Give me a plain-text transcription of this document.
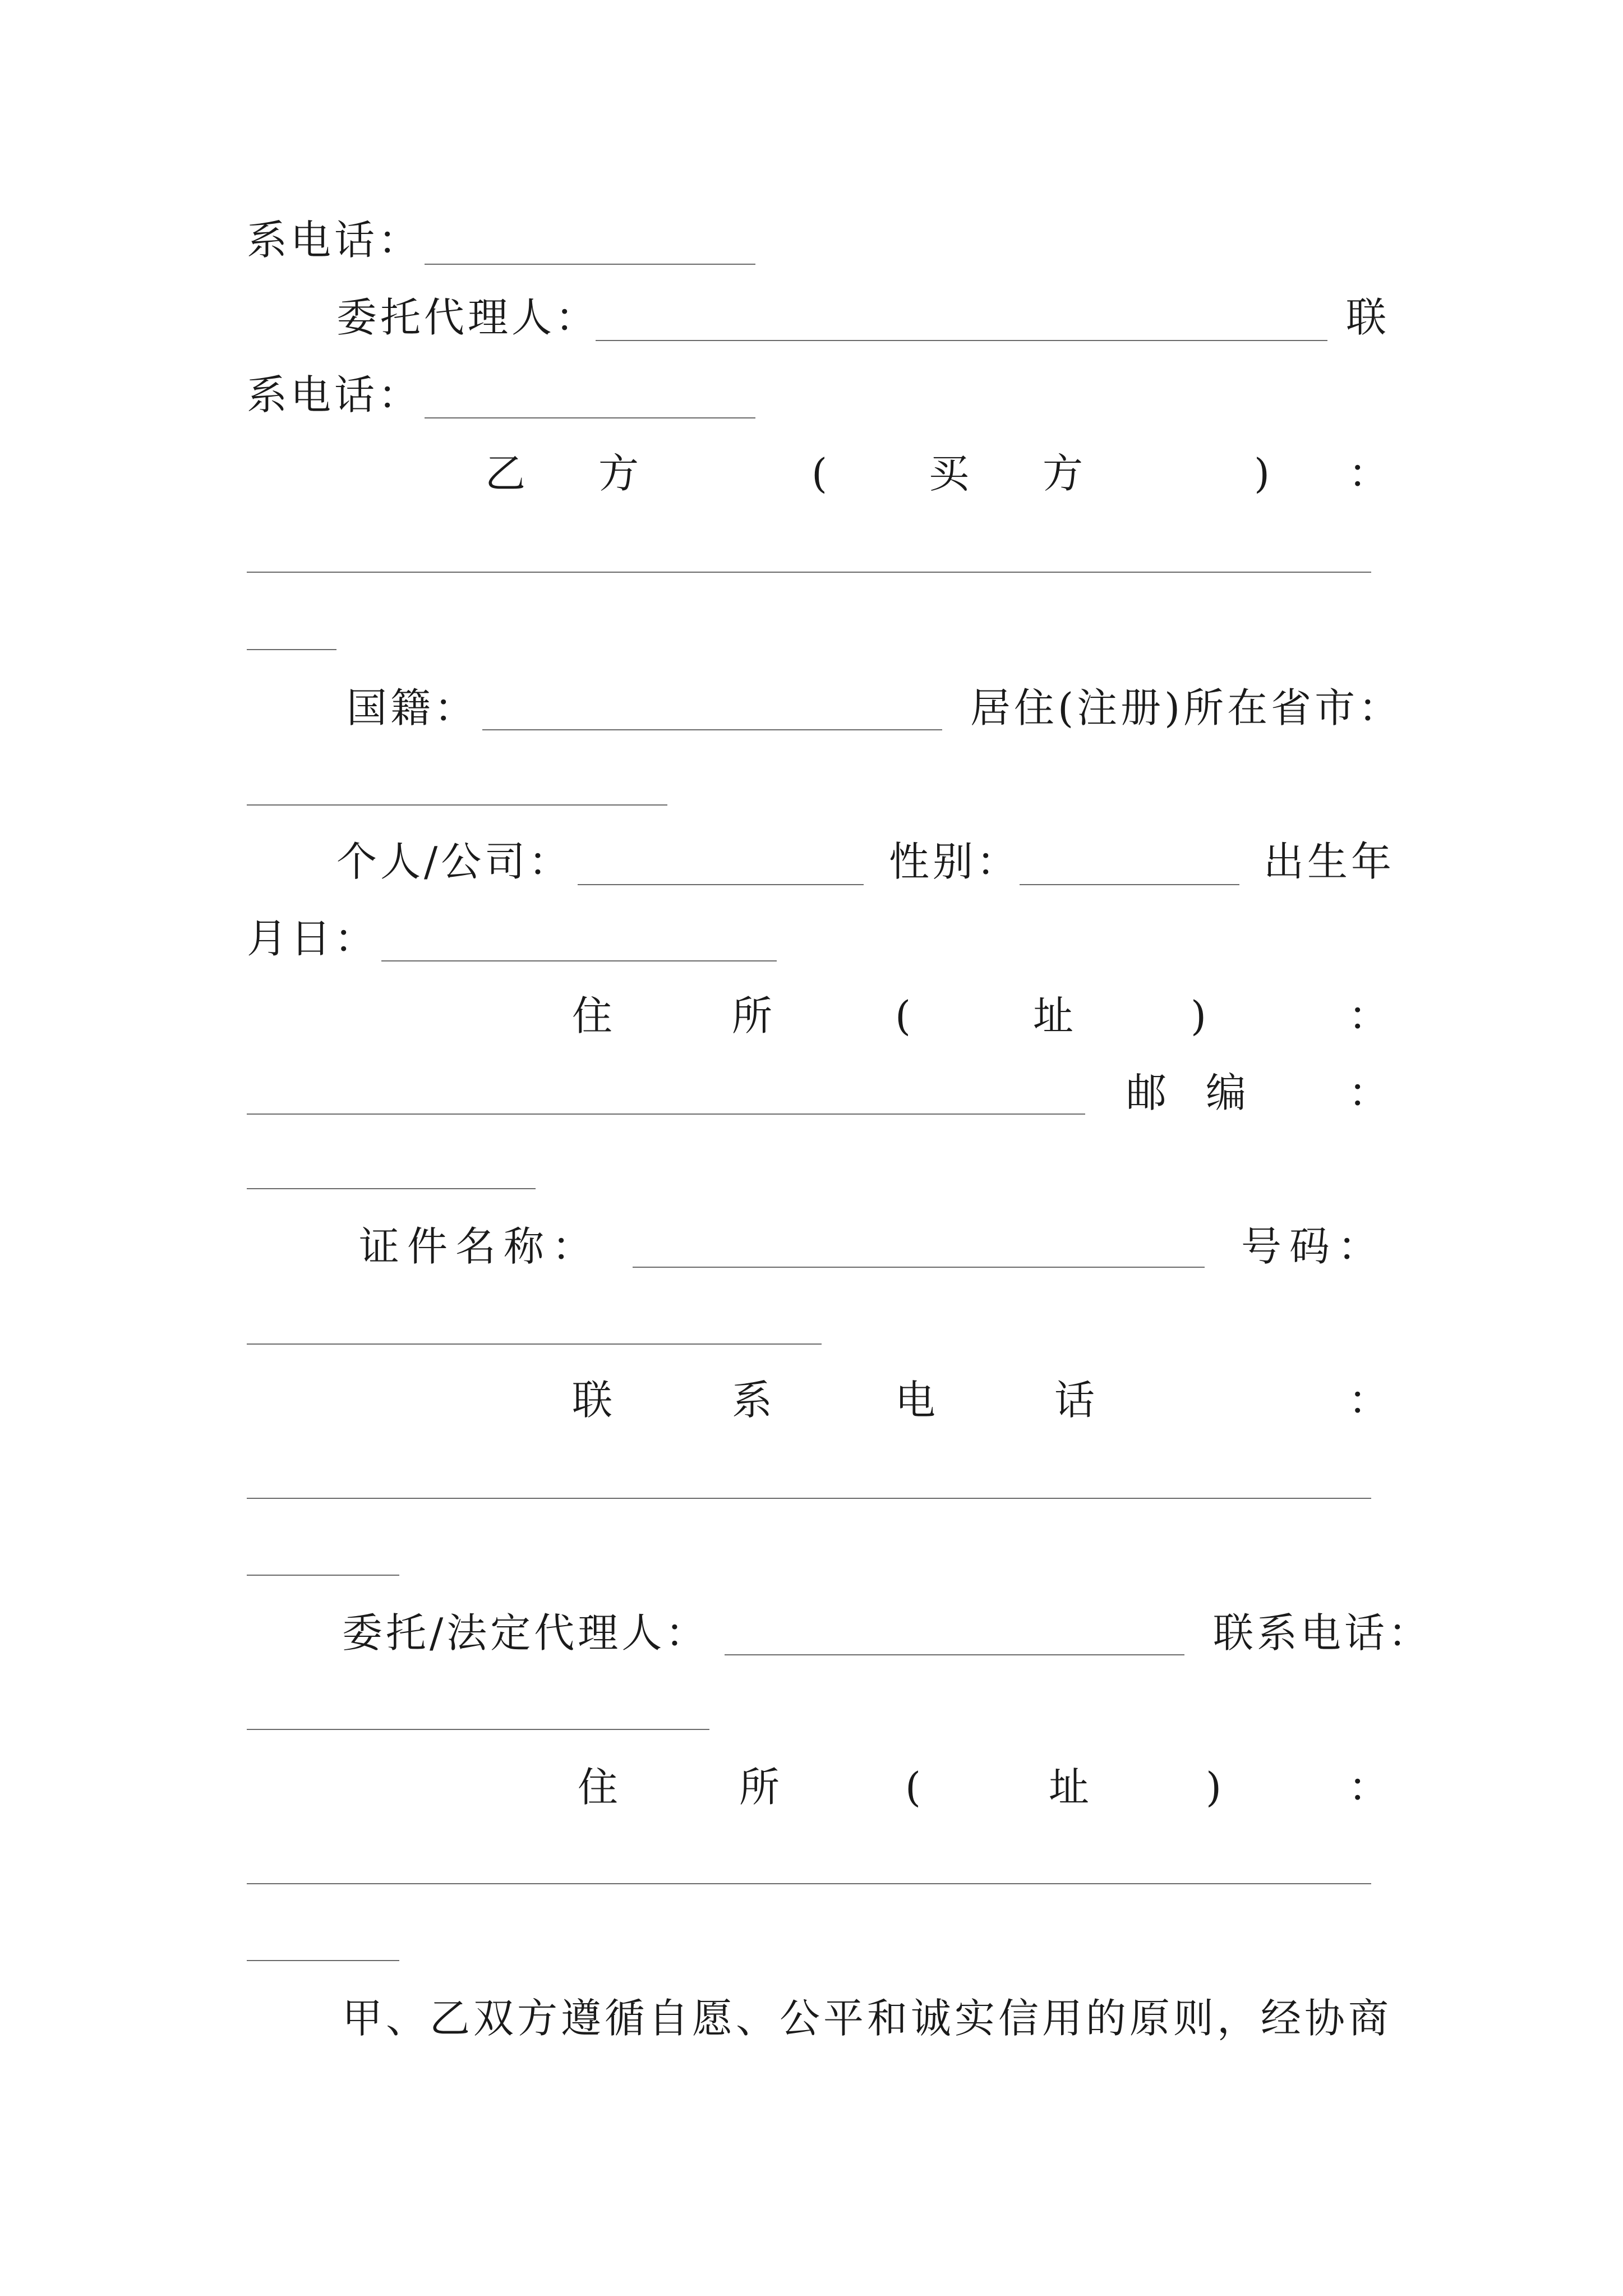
系电话：
委托代理人：	联
系电话：
乙 方	( 买 方	) ：
国籍：	居住(注册)所在省市：
个人/公司：	性别：	出生年
月日：
住	所	(	址	)	：
邮 编 ：
证件名称：	号码：
联	系	电	话	：
委托/法定代理人：	联系电话：
住	所	(	址	)	：
甲、乙双方遵循自愿、公平和诚实信用的原则，经协商
